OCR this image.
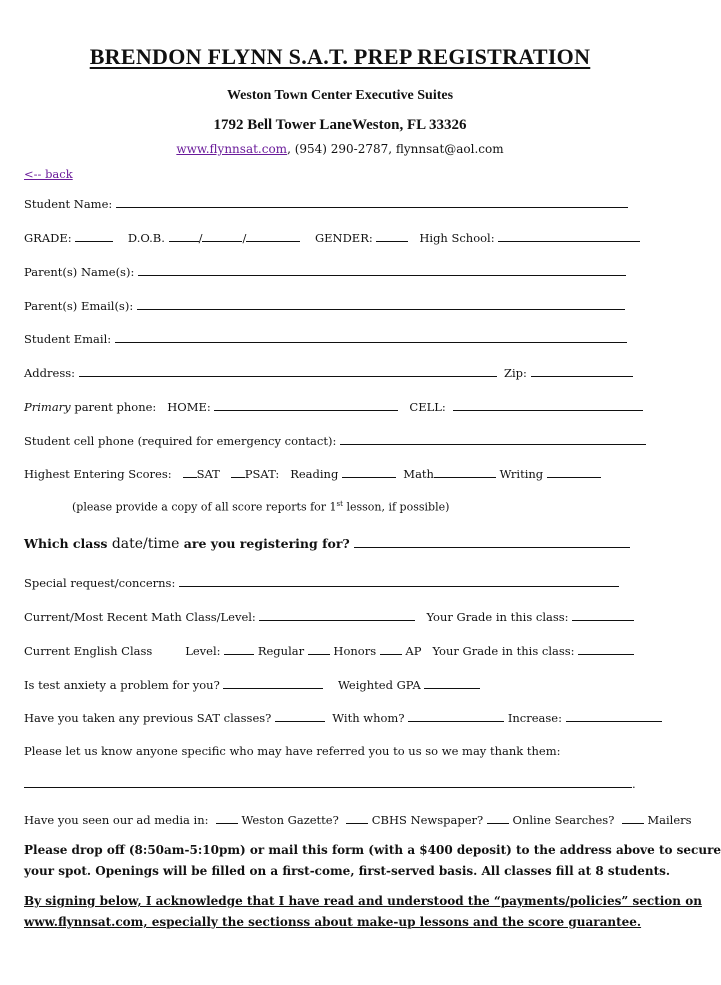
BRENDON FLYNN S.A.T. PREP REGISTRATION
Weston Town Center Executive Suites
1792 Bell Tower LaneWeston, FL 33326
www.flynnsat.com, (954) 290-2787, flynnsat@aol.com
<-- back
Student Name:
GRADE:	D.O.B.	/	/	GENDER:	High School:
Parent(s) Name(s):
Parent(s) Email(s):
Student Email:
Address:	Zip:
Primary parent phone: HOME:	CELL:
Student cell phone (required for emergency contact):
Highest Entering Scores: SAT PSAT: Reading	Math	Writing
(please provide a copy of all score reports for 1st lesson, if possible)
Which class date/time are you registering for?
Special request/concerns:
Current/Most Recent Math Class/Level:	Your Grade in this class:
Current English Class	Level:	Regular	Honors	AP Your Grade in this class:
Is test anxiety a problem for you?	Weighted GPA
Have you taken any previous SAT classes?	With whom?	Increase:
Please let us know anyone specific who may have referred you to us so we may thank them:
.
Have you seen our ad media in:	Weston Gazette?	CBHS Newspaper?	Online Searches?	Mailers
Please drop off (8:50am-5:10pm) or mail this form (with a $400 deposit) to the address above to secure
your spot. Openings will be filled on a first-come, first-served basis. All classes fill at 8 students.
By signing below, I acknowledge that I have read and understood the “payments/policies” section on
www.flynnsat.com, especially the sectionss about make-up lessons and the score guarantee.
